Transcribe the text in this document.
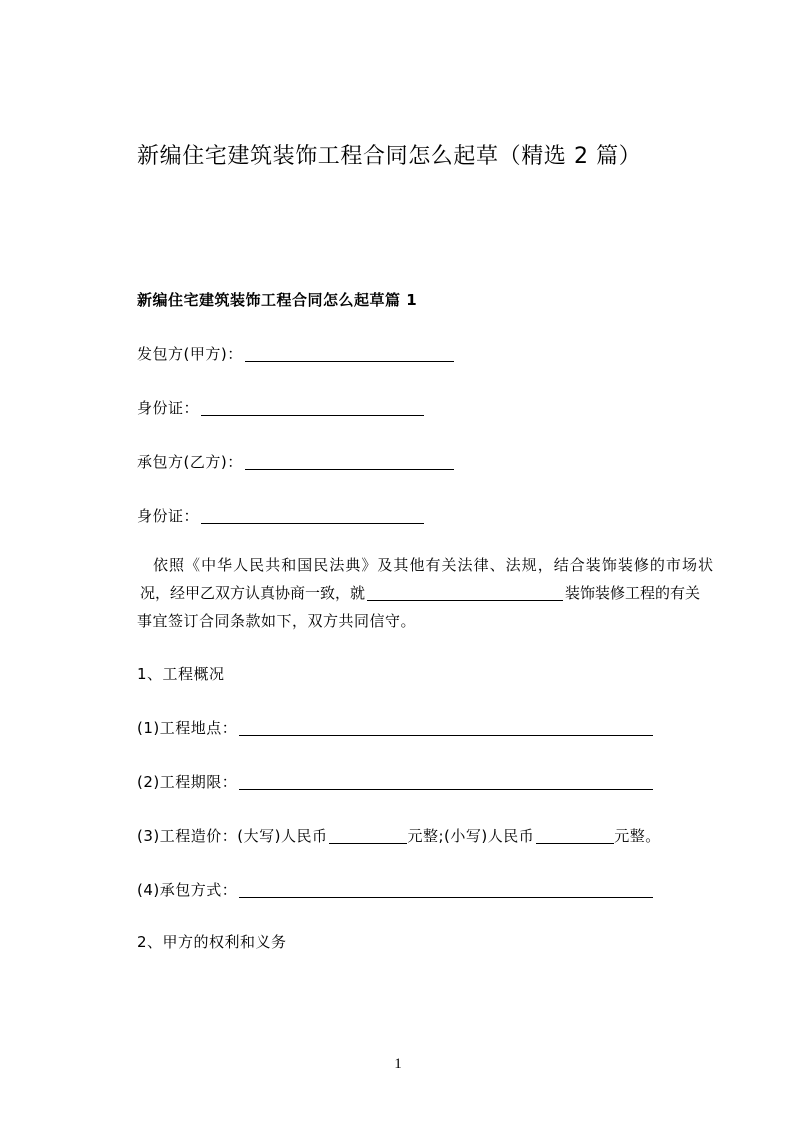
新编住宅建筑装饰工程合同怎么起草（精选 2 篇）
新编住宅建筑装饰工程合同怎么起草篇 1
发包方(甲方)：
身份证：
承包方(乙方)：
身份证：
依照《中华人民共和国民法典》及其他有关法律、法规，结合装饰装修的市场状
况，经甲乙双方认真协商一致，就	装饰装修工程的有关
事宜签订合同条款如下，双方共同信守。
1、工程概况
(1)工程地点：
(2)工程期限：
(3)工程造价：(大写)人民币	元整;(小写)人民币	元整。
(4)承包方式：
2、甲方的权利和义务
1
